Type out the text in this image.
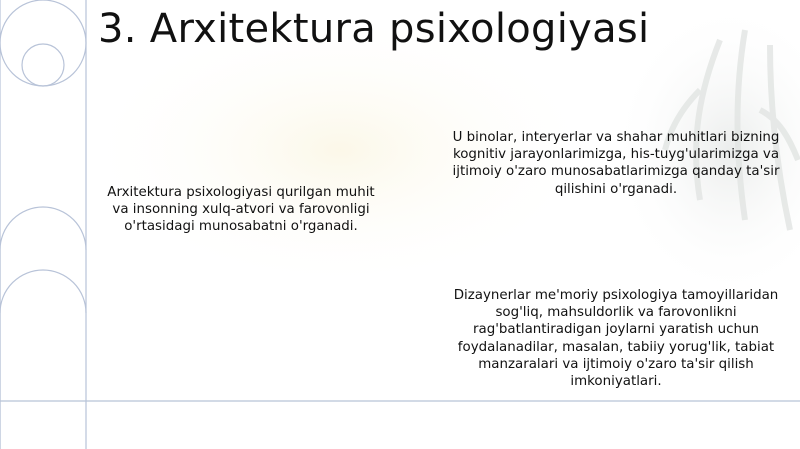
3. Arxitektura psixologiyasi

Arxitektura psixologiyasi qurilgan muhit va insonning xulq-atvori va farovonligi o'rtasidagi munosabatni o'rganadi.

U binolar, interyerlar va shahar muhitlari bizning kognitiv jarayonlarimizga, his-tuyg'ularimizga va ijtimoiy o'zaro munosabatlarimizga qanday ta'sir qilishini o'rganadi.

Dizaynerlar me'moriy psixologiya tamoyillaridan sog'liq, mahsuldorlik va farovonlikni rag'batlantiradigan joylarni yaratish uchun foydalanadilar, masalan, tabiiy yorug'lik, tabiat manzaralari va ijtimoiy o'zaro ta'sir qilish imkoniyatlari.
